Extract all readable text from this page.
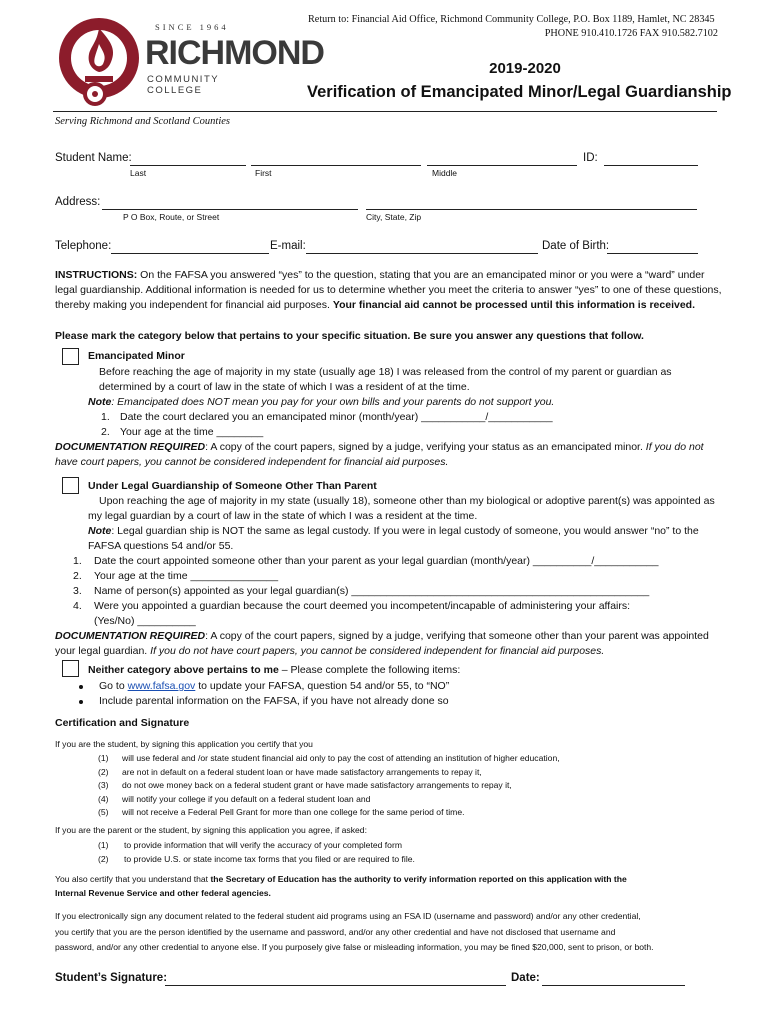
SINCE 1964
RICHMOND
COMMUNITY COLLEGE
Return to: Financial Aid Office, Richmond Community College, P.O. Box 1189, Hamlet, NC 28345
PHONE 910.410.1726 FAX 910.582.7102
2019-2020
Verification of Emancipated Minor/Legal Guardianship
Serving Richmond and Scotland Counties
Student Name:	ID:
Last	First	Middle
Address:
P O Box, Route, or Street	City, State, Zip
Telephone:	E-mail:	Date of Birth:
INSTRUCTIONS: On the FAFSA you answered “yes” to the question, stating that you are an emancipated minor or you were a “ward” under
legal guardianship. Additional information is needed for us to determine whether you meet the criteria to answer “yes” to one of these questions,
thereby making you independent for financial aid purposes. Your financial aid cannot be processed until this information is received.
Please mark the category below that pertains to your specific situation. Be sure you answer any questions that follow.
Emancipated Minor
Before reaching the age of majority in my state (usually age 18) I was released from the control of my parent or guardian as
determined by a court of law in the state of which I was a resident of at the time.
Note: Emancipated does NOT mean you pay for your own bills and your parents do not support you.
1. Date the court declared you an emancipated minor (month/year) ___________/___________
2. Your age at the time ________
DOCUMENTATION REQUIRED: A copy of the court papers, signed by a judge, verifying your status as an emancipated minor. If you do not
have court papers, you cannot be considered independent for financial aid purposes.
Under Legal Guardianship of Someone Other Than Parent
Upon reaching the age of majority in my state (usually 18), someone other than my biological or adoptive parent(s) was appointed as
my legal guardian by a court of law in the state of which I was a resident at the time.
Note: Legal guardian ship is NOT the same as legal custody. If you were in legal custody of someone, you would answer “no” to the
FAFSA questions 54 and/or 55.
1. Date the court appointed someone other than your parent as your legal guardian (month/year) __________/___________
2. Your age at the time _______________
3. Name of person(s) appointed as your legal guardian(s) ___________________________________________________
4. Were you appointed a guardian because the court deemed you incompetent/incapable of administering your affairs:
(Yes/No) __________
DOCUMENTATION REQUIRED: A copy of the court papers, signed by a judge, verifying that someone other than your parent was appointed
your legal guardian. If you do not have court papers, you cannot be considered independent for financial aid purposes.
Neither category above pertains to me – Please complete the following items:
Go to www.fafsa.gov to update your FAFSA, question 54 and/or 55, to “NO”
Include parental information on the FAFSA, if you have not already done so
Certification and Signature
If you are the student, by signing this application you certify that you
(1) will use federal and /or state student financial aid only to pay the cost of attending an institution of higher education,
(2) are not in default on a federal student loan or have made satisfactory arrangements to repay it,
(3) do not owe money back on a federal student grant or have made satisfactory arrangements to repay it,
(4) will notify your college if you default on a federal student loan and
(5) will not receive a Federal Pell Grant for more than one college for the same period of time.
If you are the parent or the student, by signing this application you agree, if asked:
(1) to provide information that will verify the accuracy of your completed form
(2) to provide U.S. or state income tax forms that you filed or are required to file.
You also certify that you understand that the Secretary of Education has the authority to verify information reported on this application with the
Internal Revenue Service and other federal agencies.
If you electronically sign any document related to the federal student aid programs using an FSA ID (username and password) and/or any other credential,
you certify that you are the person identified by the username and password, and/or any other credential and have not disclosed that username and
password, and/or any other credential to anyone else. If you purposely give false or misleading information, you may be fined $20,000, sent to prison, or both.
Student’s Signature:	Date:
